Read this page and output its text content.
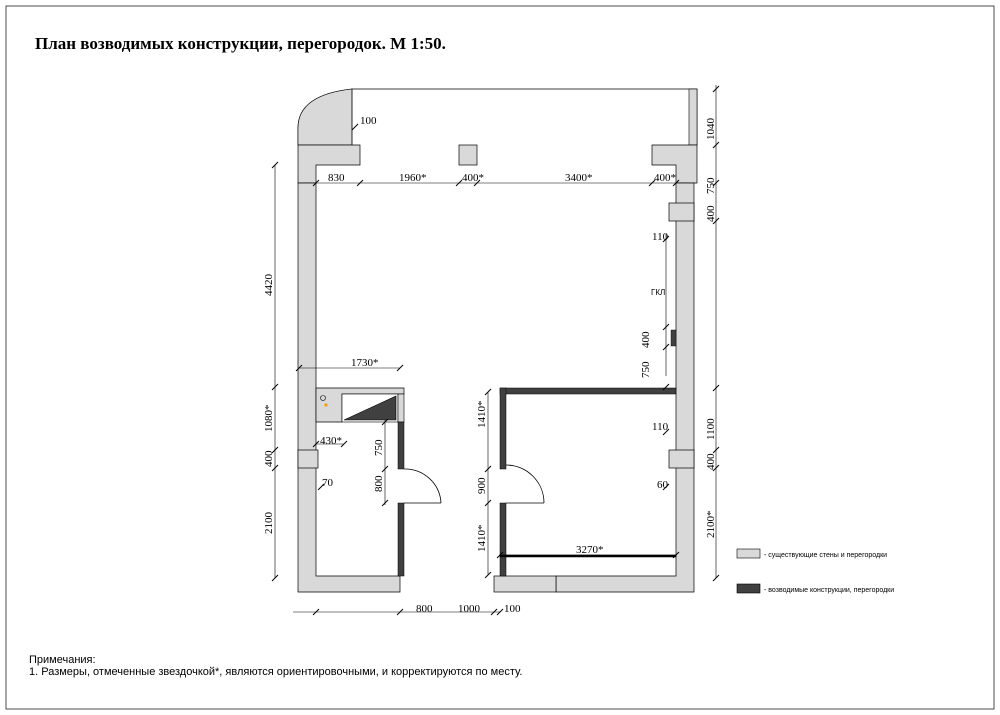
План возводимых конструкции, перегородок. М 1:50.
100
830	1960*	400*	3400*	400*
1040
750
400
1100
400
2100*
4420
1080*
400
2100
110
400
750
ГКЛ
1730*
430*	750
70	800
1410*
900
1410*
110
60
3270*
800 1000 100
- существующие стены и перегородки
- возводимые конструкции, перегородки
Примечания:
1. Размеры, отмеченные звездочкой*, являются ориентировочными, и корректируются по месту.
